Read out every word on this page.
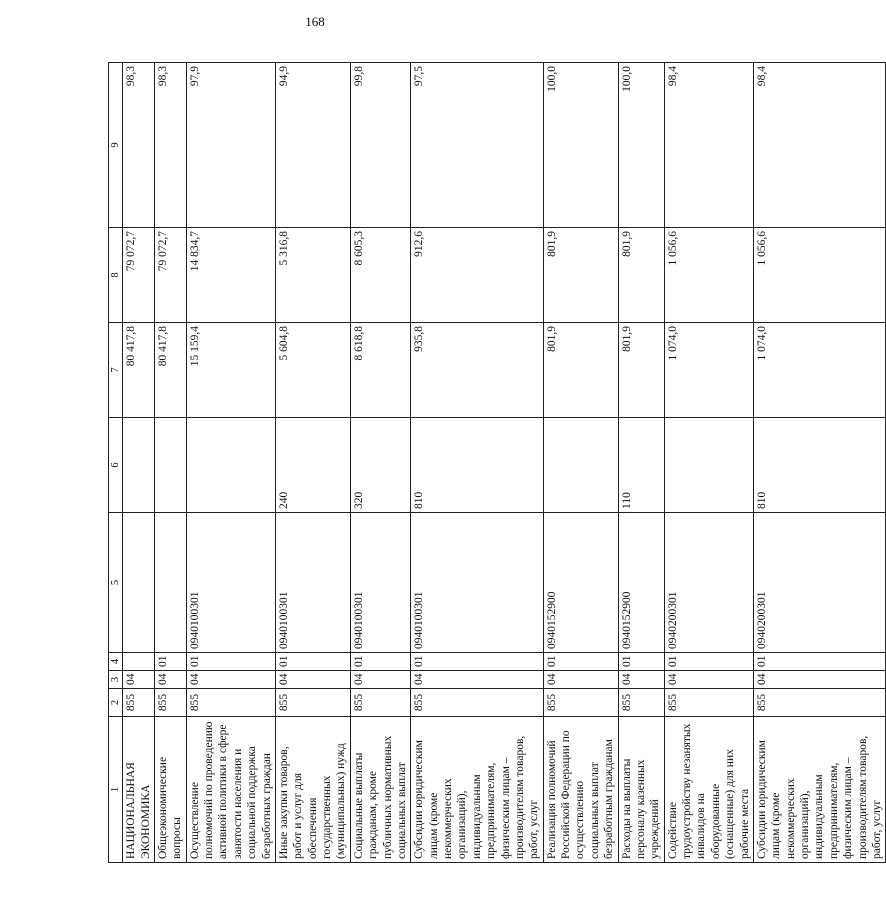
168
1	2	3	4	5	6	7	8	9
НАЦИОНАЛЬНАЯ ЭКОНОМИКА	855	04				80 417,8	79 072,7	98,3
Общеэкономические вопросы	855	04	01			80 417,8	79 072,7	98,3
Осуществление полномочий по проведению активной политики в сфере занятости населения и социальной поддержка безработных граждан	855	04	01	0940100301		15 159,4	14 834,7	97,9
Иные закупки товаров, работ и услуг для обеспечения государственных (муниципальных) нужд	855	04	01	0940100301	240	5 604,8	5 316,8	94,9
Социальные выплаты гражданам, кроме публичных нормативных социальных выплат	855	04	01	0940100301	320	8 618,8	8 605,3	99,8
Субсидии юридическим лицам (кроме некоммерческих организаций), индивидуальным предпринимателям, физическим лицам – производителям товаров, работ, услуг	855	04	01	0940100301	810	935,8	912,6	97,5
Реализация полномочий Российской Федерации по осуществлению социальных выплат безработным гражданам	855	04	01	0940152900		801,9	801,9	100,0
Расходы на выплаты персоналу казенных учреждений	855	04	01	0940152900	110	801,9	801,9	100,0
Содействие трудоустройству незанятых инвалидов на оборудованные (оснащенные) для них рабочие места	855	04	01	0940200301		1 074,0	1 056,6	98,4
Субсидии юридическим лицам (кроме некоммерческих организаций), индивидуальным предпринимателям, физическим лицам – производителям товаров, работ, услуг	855	04	01	0940200301	810	1 074,0	1 056,6	98,4
